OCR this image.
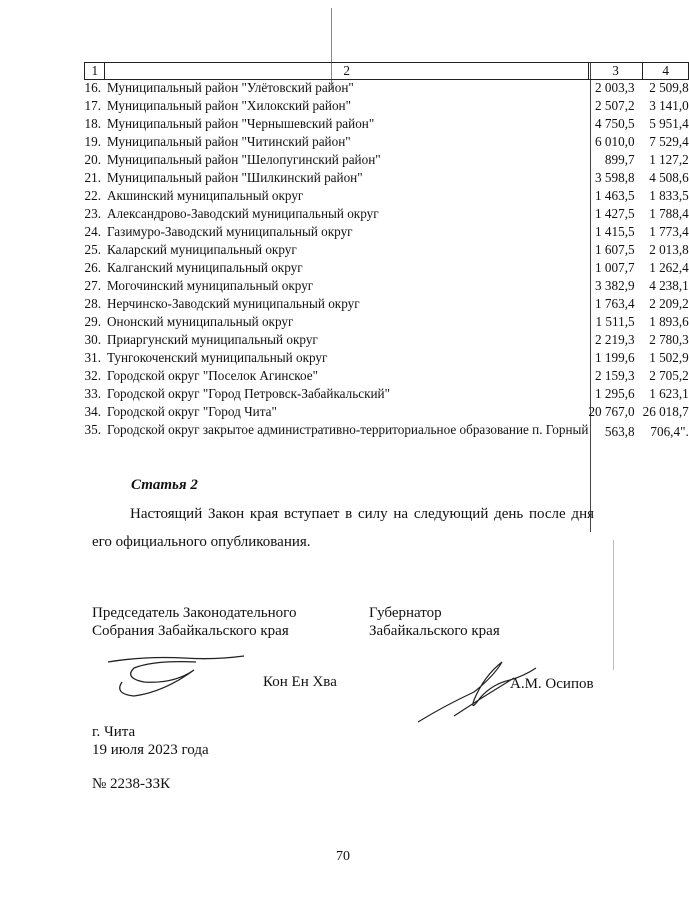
1	2	3	4
16.	Муниципальный район "Улётовский район"	2 003,3	2 509,8
17.	Муниципальный район "Хилокский район"	2 507,2	3 141,0
18.	Муниципальный район "Чернышевский район"	4 750,5	5 951,4
19.	Муниципальный район "Читинский район"	6 010,0	7 529,4
20.	Муниципальный район "Шелопугинский район"	899,7	1 127,2
21.	Муниципальный район "Шилкинский район"	3 598,8	4 508,6
22.	Акшинский муниципальный округ	1 463,5	1 833,5
23.	Александрово-Заводский муниципальный округ	1 427,5	1 788,4
24.	Газимуро-Заводский муниципальный округ	1 415,5	1 773,4
25.	Каларский муниципальный округ	1 607,5	2 013,8
26.	Калганский муниципальный округ	1 007,7	1 262,4
27.	Могочинский муниципальный округ	3 382,9	4 238,1
28.	Нерчинско-Заводский муниципальный округ	1 763,4	2 209,2
29.	Ононский муниципальный округ	1 511,5	1 893,6
30.	Приаргунский муниципальный округ	2 219,3	2 780,3
31.	Тунгокоченский муниципальный округ	1 199,6	1 502,9
32.	Городской округ "Поселок Агинское"	2 159,3	2 705,2
33.	Городской округ "Город Петровск-Забайкальский"	1 295,6	1 623,1
34.	Городской округ "Город Чита"	20 767,0	26 018,7
35.	Городской округ закрытое административно-территориальное образование п. Горный	563,8	706,4".
Статья 2
Настоящий Закон края вступает в силу на следующий день после дня его официального опубликования.
Председатель Законодательного
Собрания Забайкальского края
Губернатор
Забайкальского края
Кон Ен Хва	А.М. Осипов
г. Чита
19 июля 2023 года
№ 2238-ЗЗК
70
